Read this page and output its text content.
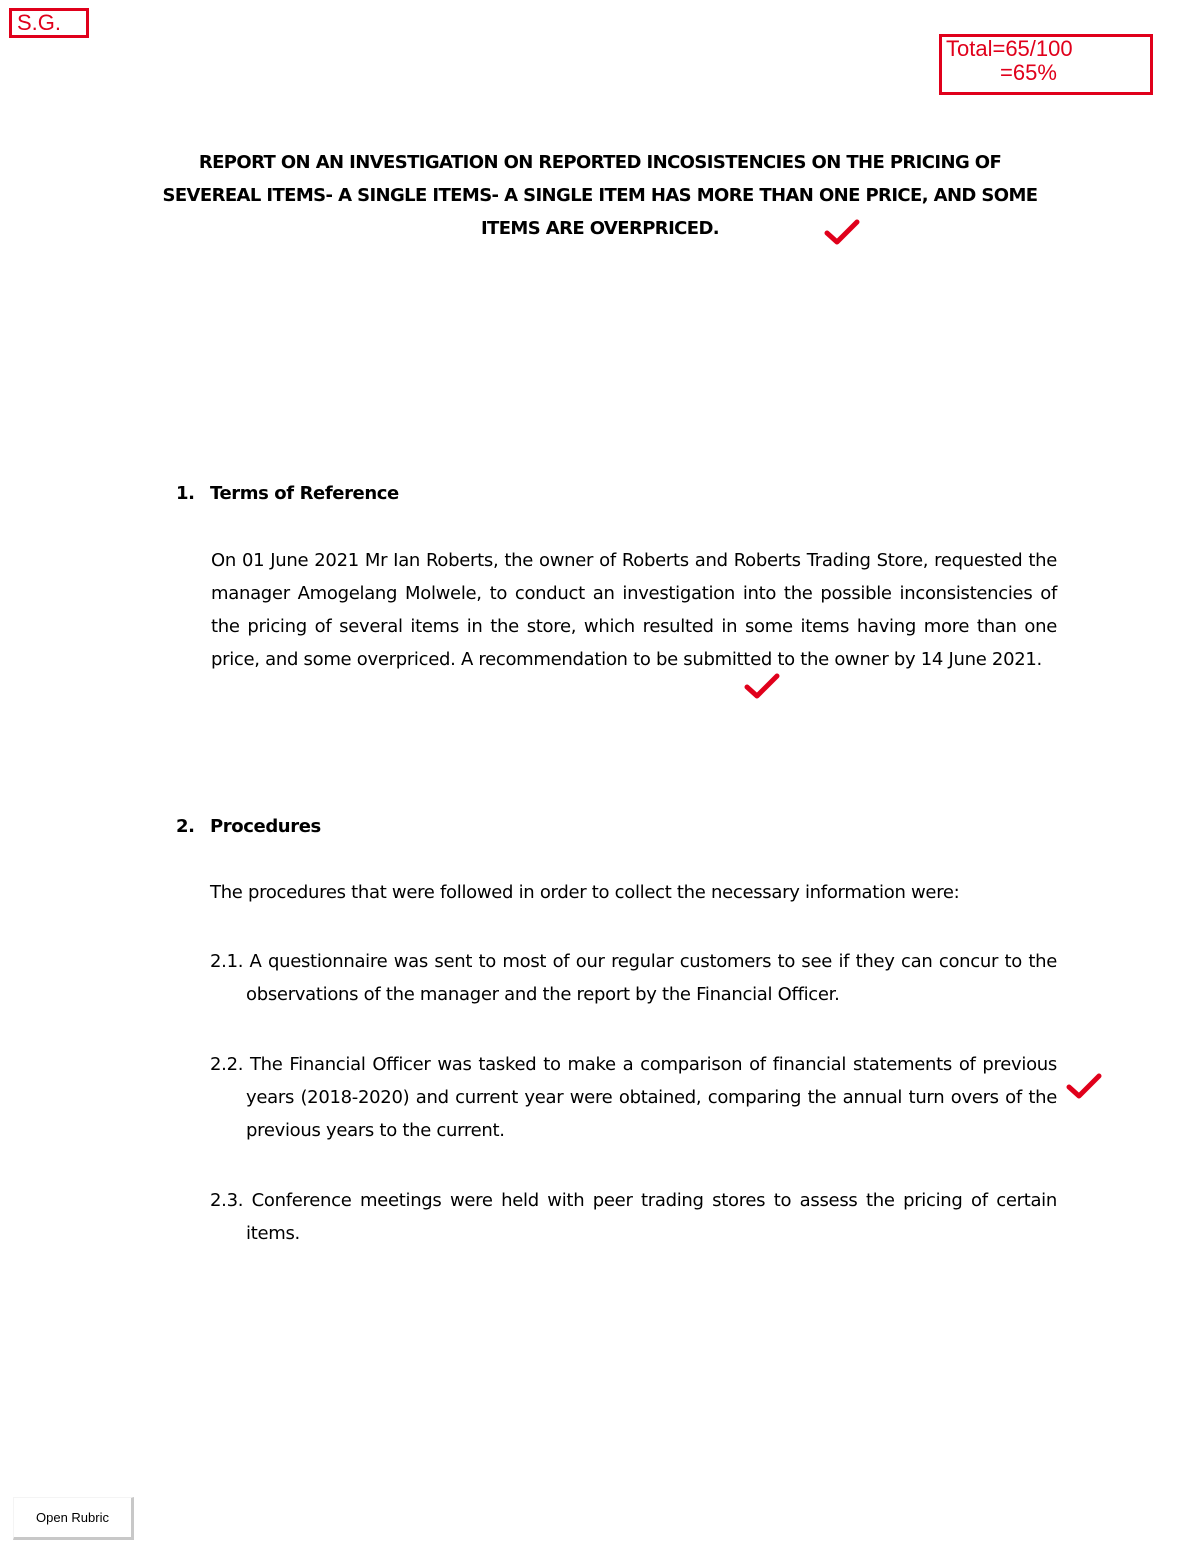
S.G.
Total=65/100
=65%
REPORT ON AN INVESTIGATION ON REPORTED INCOSISTENCIES ON THE PRICING OF
SEVEREAL ITEMS- A SINGLE ITEMS- A SINGLE ITEM HAS MORE THAN ONE PRICE, AND SOME
ITEMS ARE OVERPRICED.
1. Terms of Reference
On 01 June 2021 Mr Ian Roberts, the owner of Roberts and Roberts Trading Store, requested the manager Amogelang Molwele, to conduct an investigation into the possible inconsistencies of the pricing of several items in the store, which resulted in some items having more than one price, and some overpriced. A recommendation to be submitted to the owner by 14 June 2021.
2. Procedures
The procedures that were followed in order to collect the necessary information were:
2.1. A questionnaire was sent to most of our regular customers to see if they can concur to the observations of the manager and the report by the Financial Officer.
2.2. The Financial Officer was tasked to make a comparison of financial statements of previous years (2018-2020) and current year were obtained, comparing the annual turn overs of the previous years to the current.
2.3. Conference meetings were held with peer trading stores to assess the pricing of certain items.
Open Rubric
